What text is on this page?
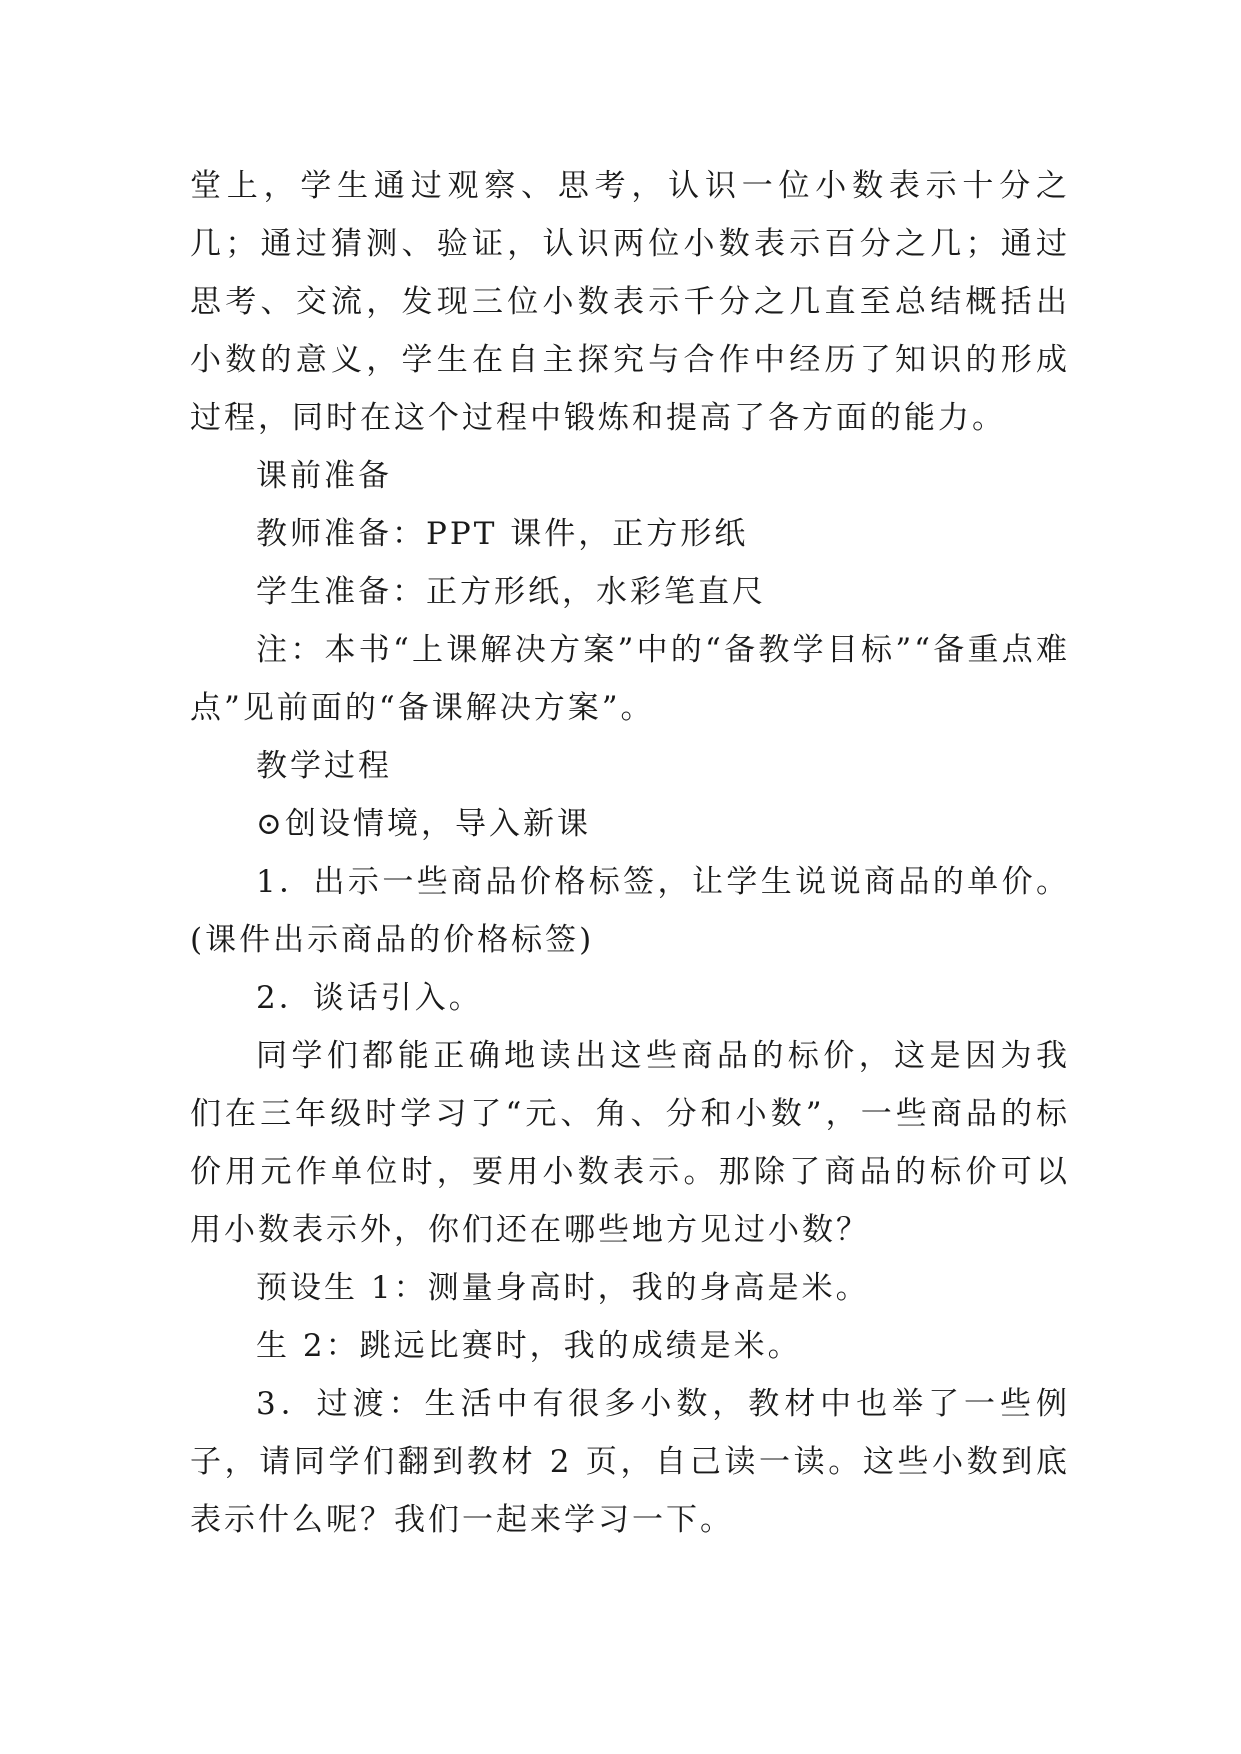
堂上，学生通过观察、思考，认识一位小数表示十分之几；通过猜测、验证，认识两位小数表示百分之几；通过思考、交流，发现三位小数表示千分之几直至总结概括出小数的意义，学生在自主探究与合作中经历了知识的形成过程，同时在这个过程中锻炼和提高了各方面的能力。

课前准备

教师准备：PPT 课件，正方形纸

学生准备：正方形纸，水彩笔直尺

注：本书“上课解决方案”中的“备教学目标”“备重点难点”见前面的“备课解决方案”。

教学过程

⊙创设情境，导入新课

1．出示一些商品价格标签，让学生说说商品的单价。(课件出示商品的价格标签)

2．谈话引入。

同学们都能正确地读出这些商品的标价，这是因为我们在三年级时学习了“元、角、分和小数”，一些商品的标价用元作单位时，要用小数表示。那除了商品的标价可以用小数表示外，你们还在哪些地方见过小数？

预设生 1：测量身高时，我的身高是米。

生 2：跳远比赛时，我的成绩是米。

3．过渡：生活中有很多小数，教材中也举了一些例子，请同学们翻到教材 2 页，自己读一读。这些小数到底表示什么呢？我们一起来学习一下。
